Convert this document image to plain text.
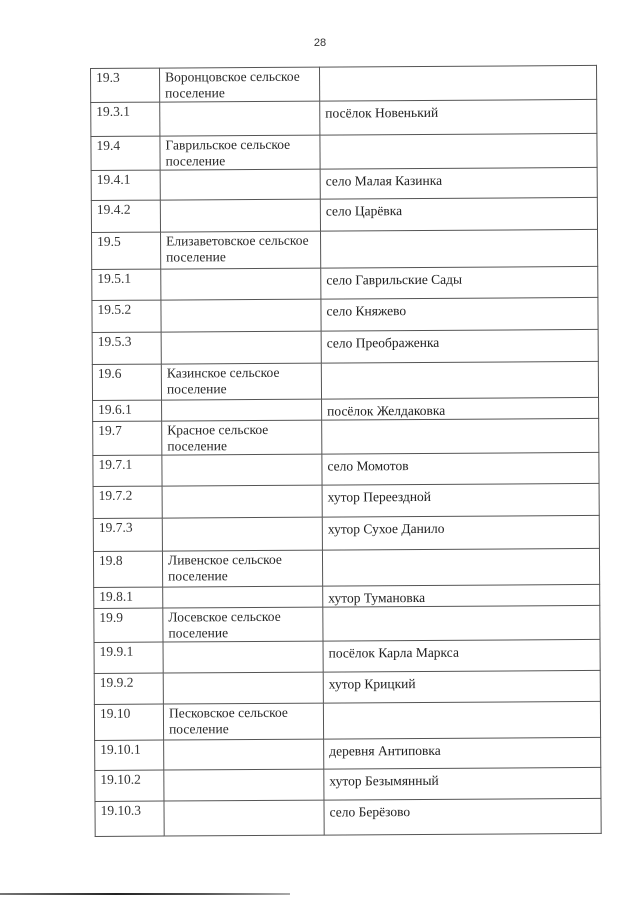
28
19.3	Воронцовское сельское поселение	
19.3.1		посёлок Новенький
19.4	Гаврильское сельское поселение	
19.4.1		село Малая Казинка
19.4.2		село Царёвка
19.5	Елизаветовское сельское поселение	
19.5.1		село Гаврильские Сады
19.5.2		село Княжево
19.5.3		село Преображенка
19.6	Казинское сельское поселение	
19.6.1		посёлок Желдаковка
19.7	Красное сельское поселение	
19.7.1		село Момотов
19.7.2		хутор Переездной
19.7.3		хутор Сухое Данило
19.8	Ливенское сельское поселение	
19.8.1		хутор Тумановка
19.9	Лосевское сельское поселение	
19.9.1		посёлок Карла Маркса
19.9.2		хутор Крицкий
19.10	Песковское сельское поселение	
19.10.1		деревня Антиповка
19.10.2		хутор Безымянный
19.10.3		село Берёзово
